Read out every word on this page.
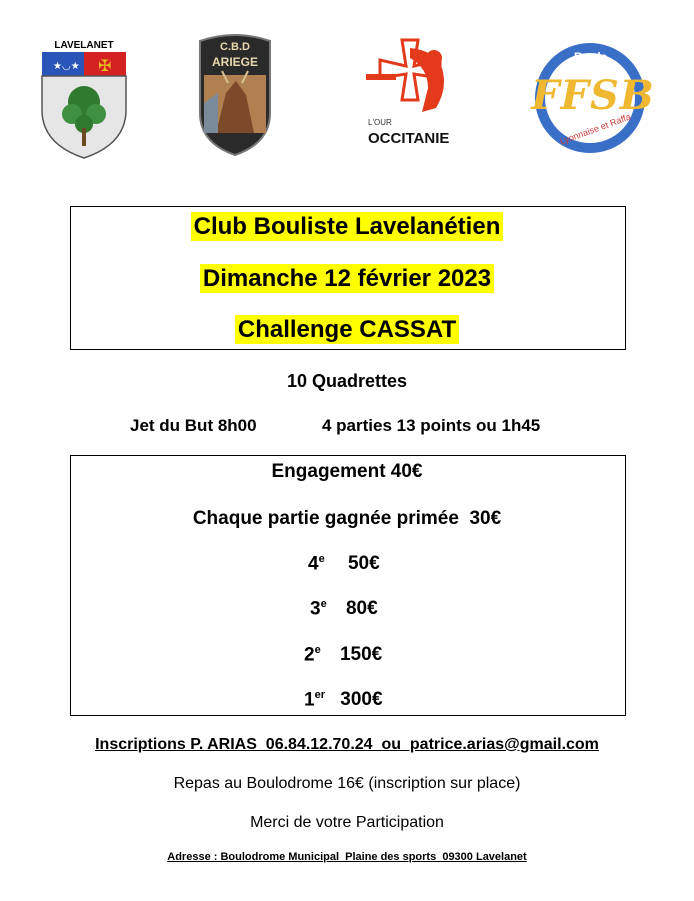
LAVELANET
★◡★ ✠
C.B.D
ARIEGE
L'OUR
OCCITANIE
Boule
FFSB
Lyonnaise et Raffa
Club Bouliste Lavelanétien
Dimanche 12 février 2023
Challenge CASSAT
10 Quadrettes
Jet du But 8h00	4 parties 13 points ou 1h45
Engagement 40€
Chaque partie gagnée primée  30€
4e 50€
3e 80€
2e 150€
1er 300€
Inscriptions P. ARIAS  06.84.12.70.24  ou  patrice.arias@gmail.com
Repas au Boulodrome 16€ (inscription sur place)
Merci de votre Participation
Adresse : Boulodrome Municipal  Plaine des sports  09300 Lavelanet
